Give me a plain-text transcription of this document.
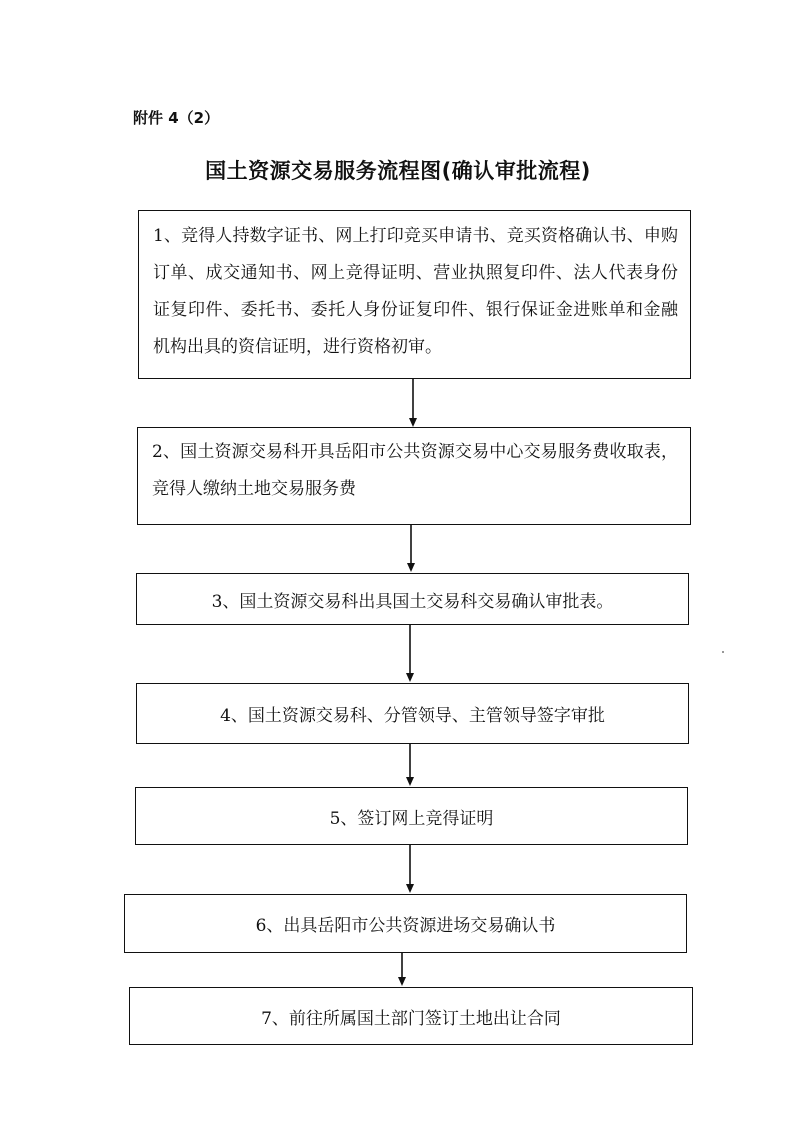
附件 4（2）
国土资源交易服务流程图(确认审批流程)
1、竞得人持数字证书、网上打印竞买申请书、竞买资格确认书、申购订单、成交通知书、网上竞得证明、营业执照复印件、法人代表身份证复印件、委托书、委托人身份证复印件、银行保证金进账单和金融机构出具的资信证明，进行资格初审。
2、国土资源交易科开具岳阳市公共资源交易中心交易服务费收取表，竞得人缴纳土地交易服务费
3、国土资源交易科出具国土交易科交易确认审批表。
4、国土资源交易科、分管领导、主管领导签字审批
5、签订网上竞得证明
6、出具岳阳市公共资源进场交易确认书
7、前往所属国土部门签订土地出让合同
